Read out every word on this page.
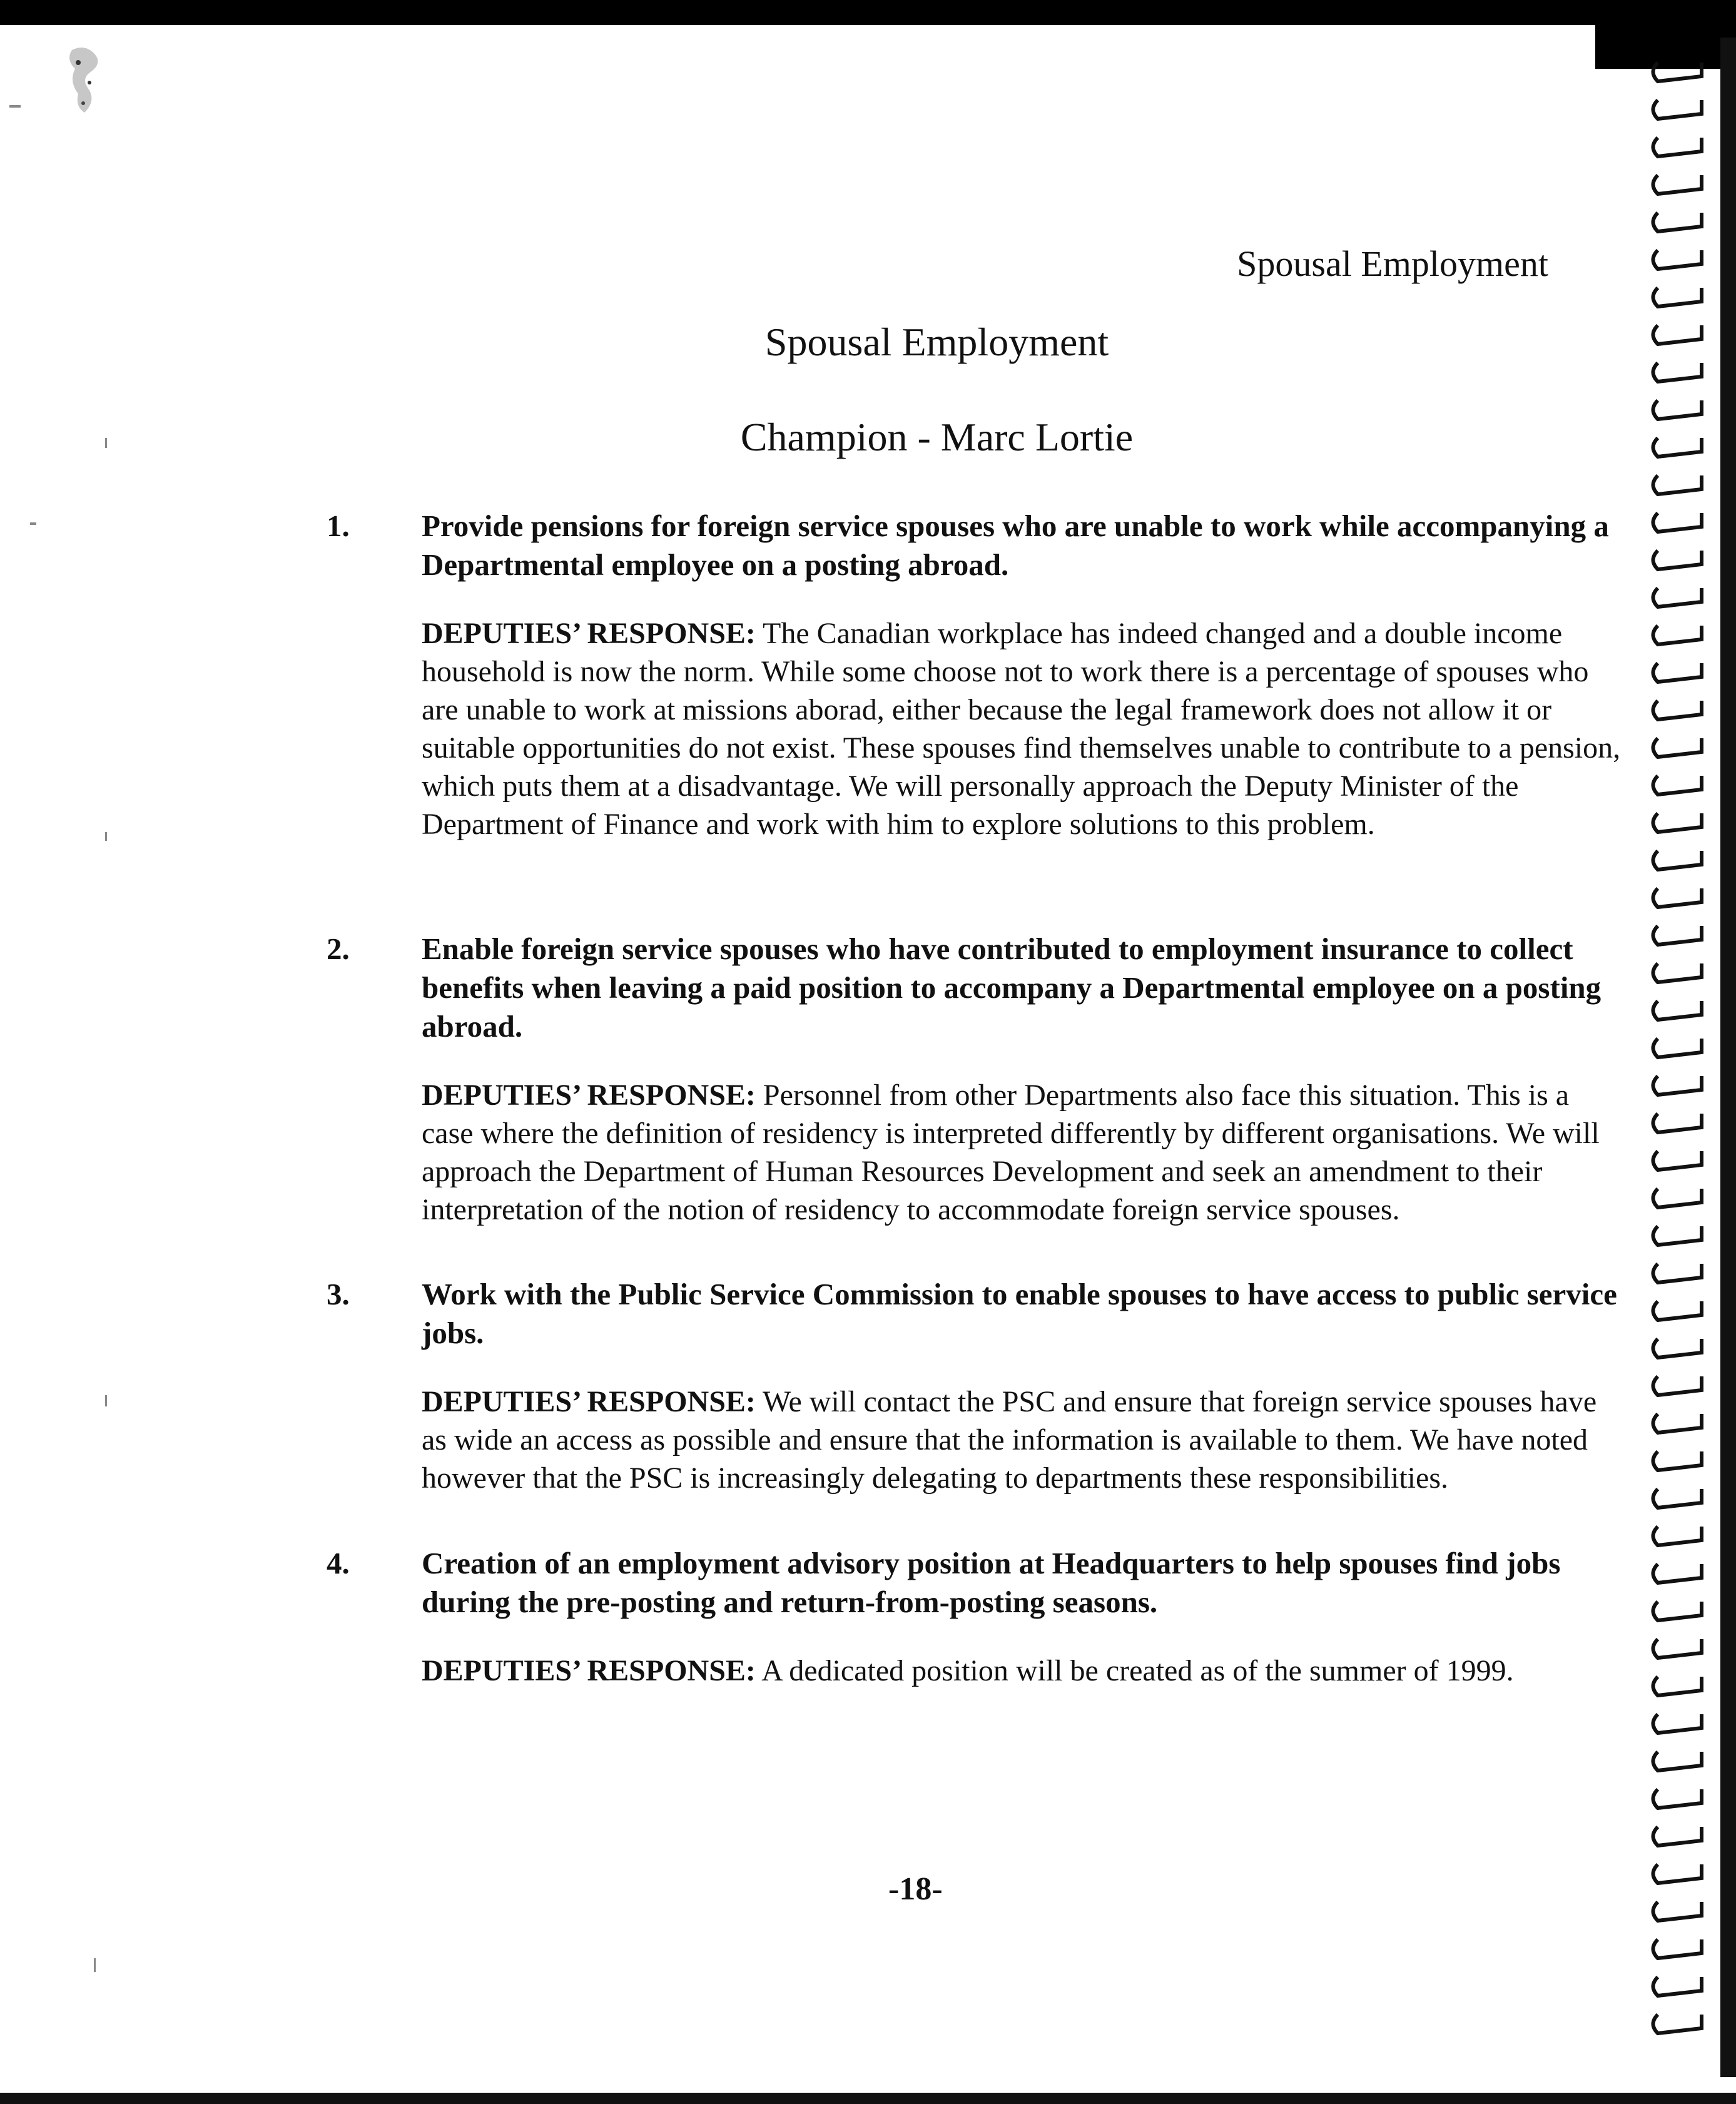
Spousal Employment
Spousal Employment
Champion - Marc Lortie
1. Provide pensions for foreign service spouses who are unable to work while accompanying a Departmental employee on a posting abroad.
DEPUTIES’ RESPONSE: The Canadian workplace has indeed changed and a double income household is now the norm. While some choose not to work there is a percentage of spouses who are unable to work at missions aborad, either because the legal framework does not allow it or suitable opportunities do not exist. These spouses find themselves unable to contribute to a pension, which puts them at a disadvantage. We will personally approach the Deputy Minister of the Department of Finance and work with him to explore solutions to this problem.
2. Enable foreign service spouses who have contributed to employment insurance to collect benefits when leaving a paid position to accompany a Departmental employee on a posting abroad.
DEPUTIES’ RESPONSE: Personnel from other Departments also face this situation. This is a case where the definition of residency is interpreted differently by different organisations. We will approach the Department of Human Resources Development and seek an amendment to their interpretation of the notion of residency to accommodate foreign service spouses.
3. Work with the Public Service Commission to enable spouses to have access to public service jobs.
DEPUTIES’ RESPONSE: We will contact the PSC and ensure that foreign service spouses have as wide an access as possible and ensure that the information is available to them. We have noted however that the PSC is increasingly delegating to departments these responsibilities.
4. Creation of an employment advisory position at Headquarters to help spouses find jobs during the pre-posting and return-from-posting seasons.
DEPUTIES’ RESPONSE: A dedicated position will be created as of the summer of 1999.
-18-
